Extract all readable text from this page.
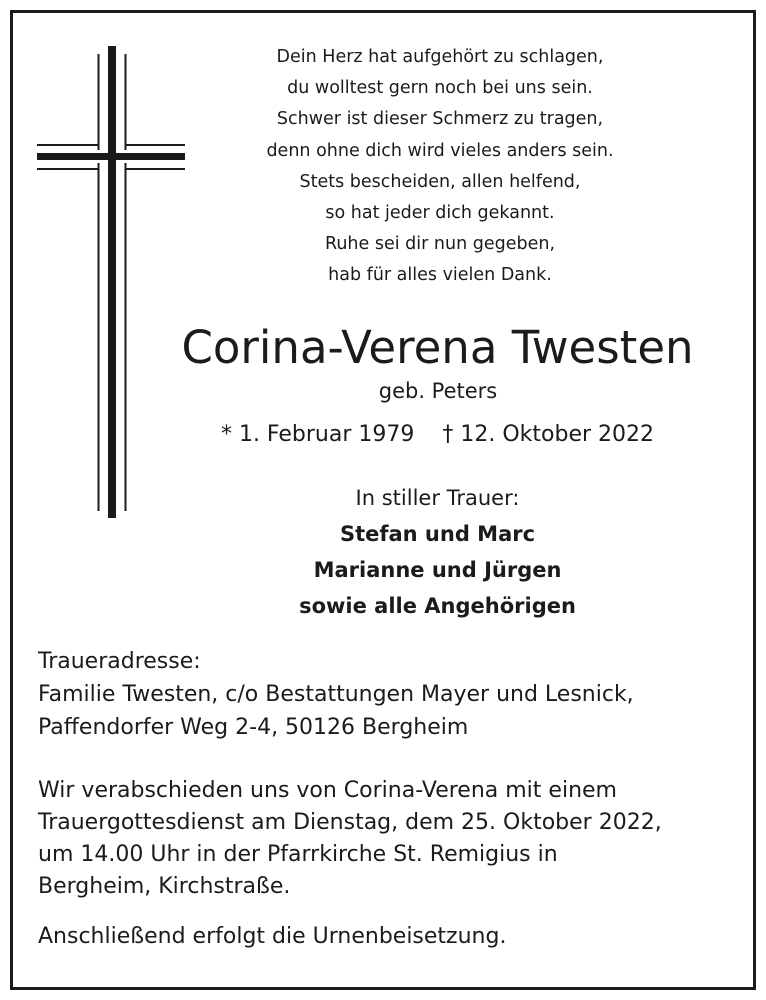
Dein Herz hat aufgehört zu schlagen,
du wolltest gern noch bei uns sein.
Schwer ist dieser Schmerz zu tragen,
denn ohne dich wird vieles anders sein.
Stets bescheiden, allen helfend,
so hat jeder dich gekannt.
Ruhe sei dir nun gegeben,
hab für alles vielen Dank.
Corina-Verena Twesten
geb. Peters
* 1. Februar 1979 † 12. Oktober 2022
In stiller Trauer:
Stefan und Marc
Marianne und Jürgen
sowie alle Angehörigen
Traueradresse:
Familie Twesten, c/o Bestattungen Mayer und Lesnick,
Paffendorfer Weg 2-4, 50126 Bergheim
Wir verabschieden uns von Corina-Verena mit einem
Trauergottesdienst am Dienstag, dem 25. Oktober 2022,
um 14.00 Uhr in der Pfarrkirche St. Remigius in
Bergheim, Kirchstraße.
Anschließend erfolgt die Urnenbeisetzung.
